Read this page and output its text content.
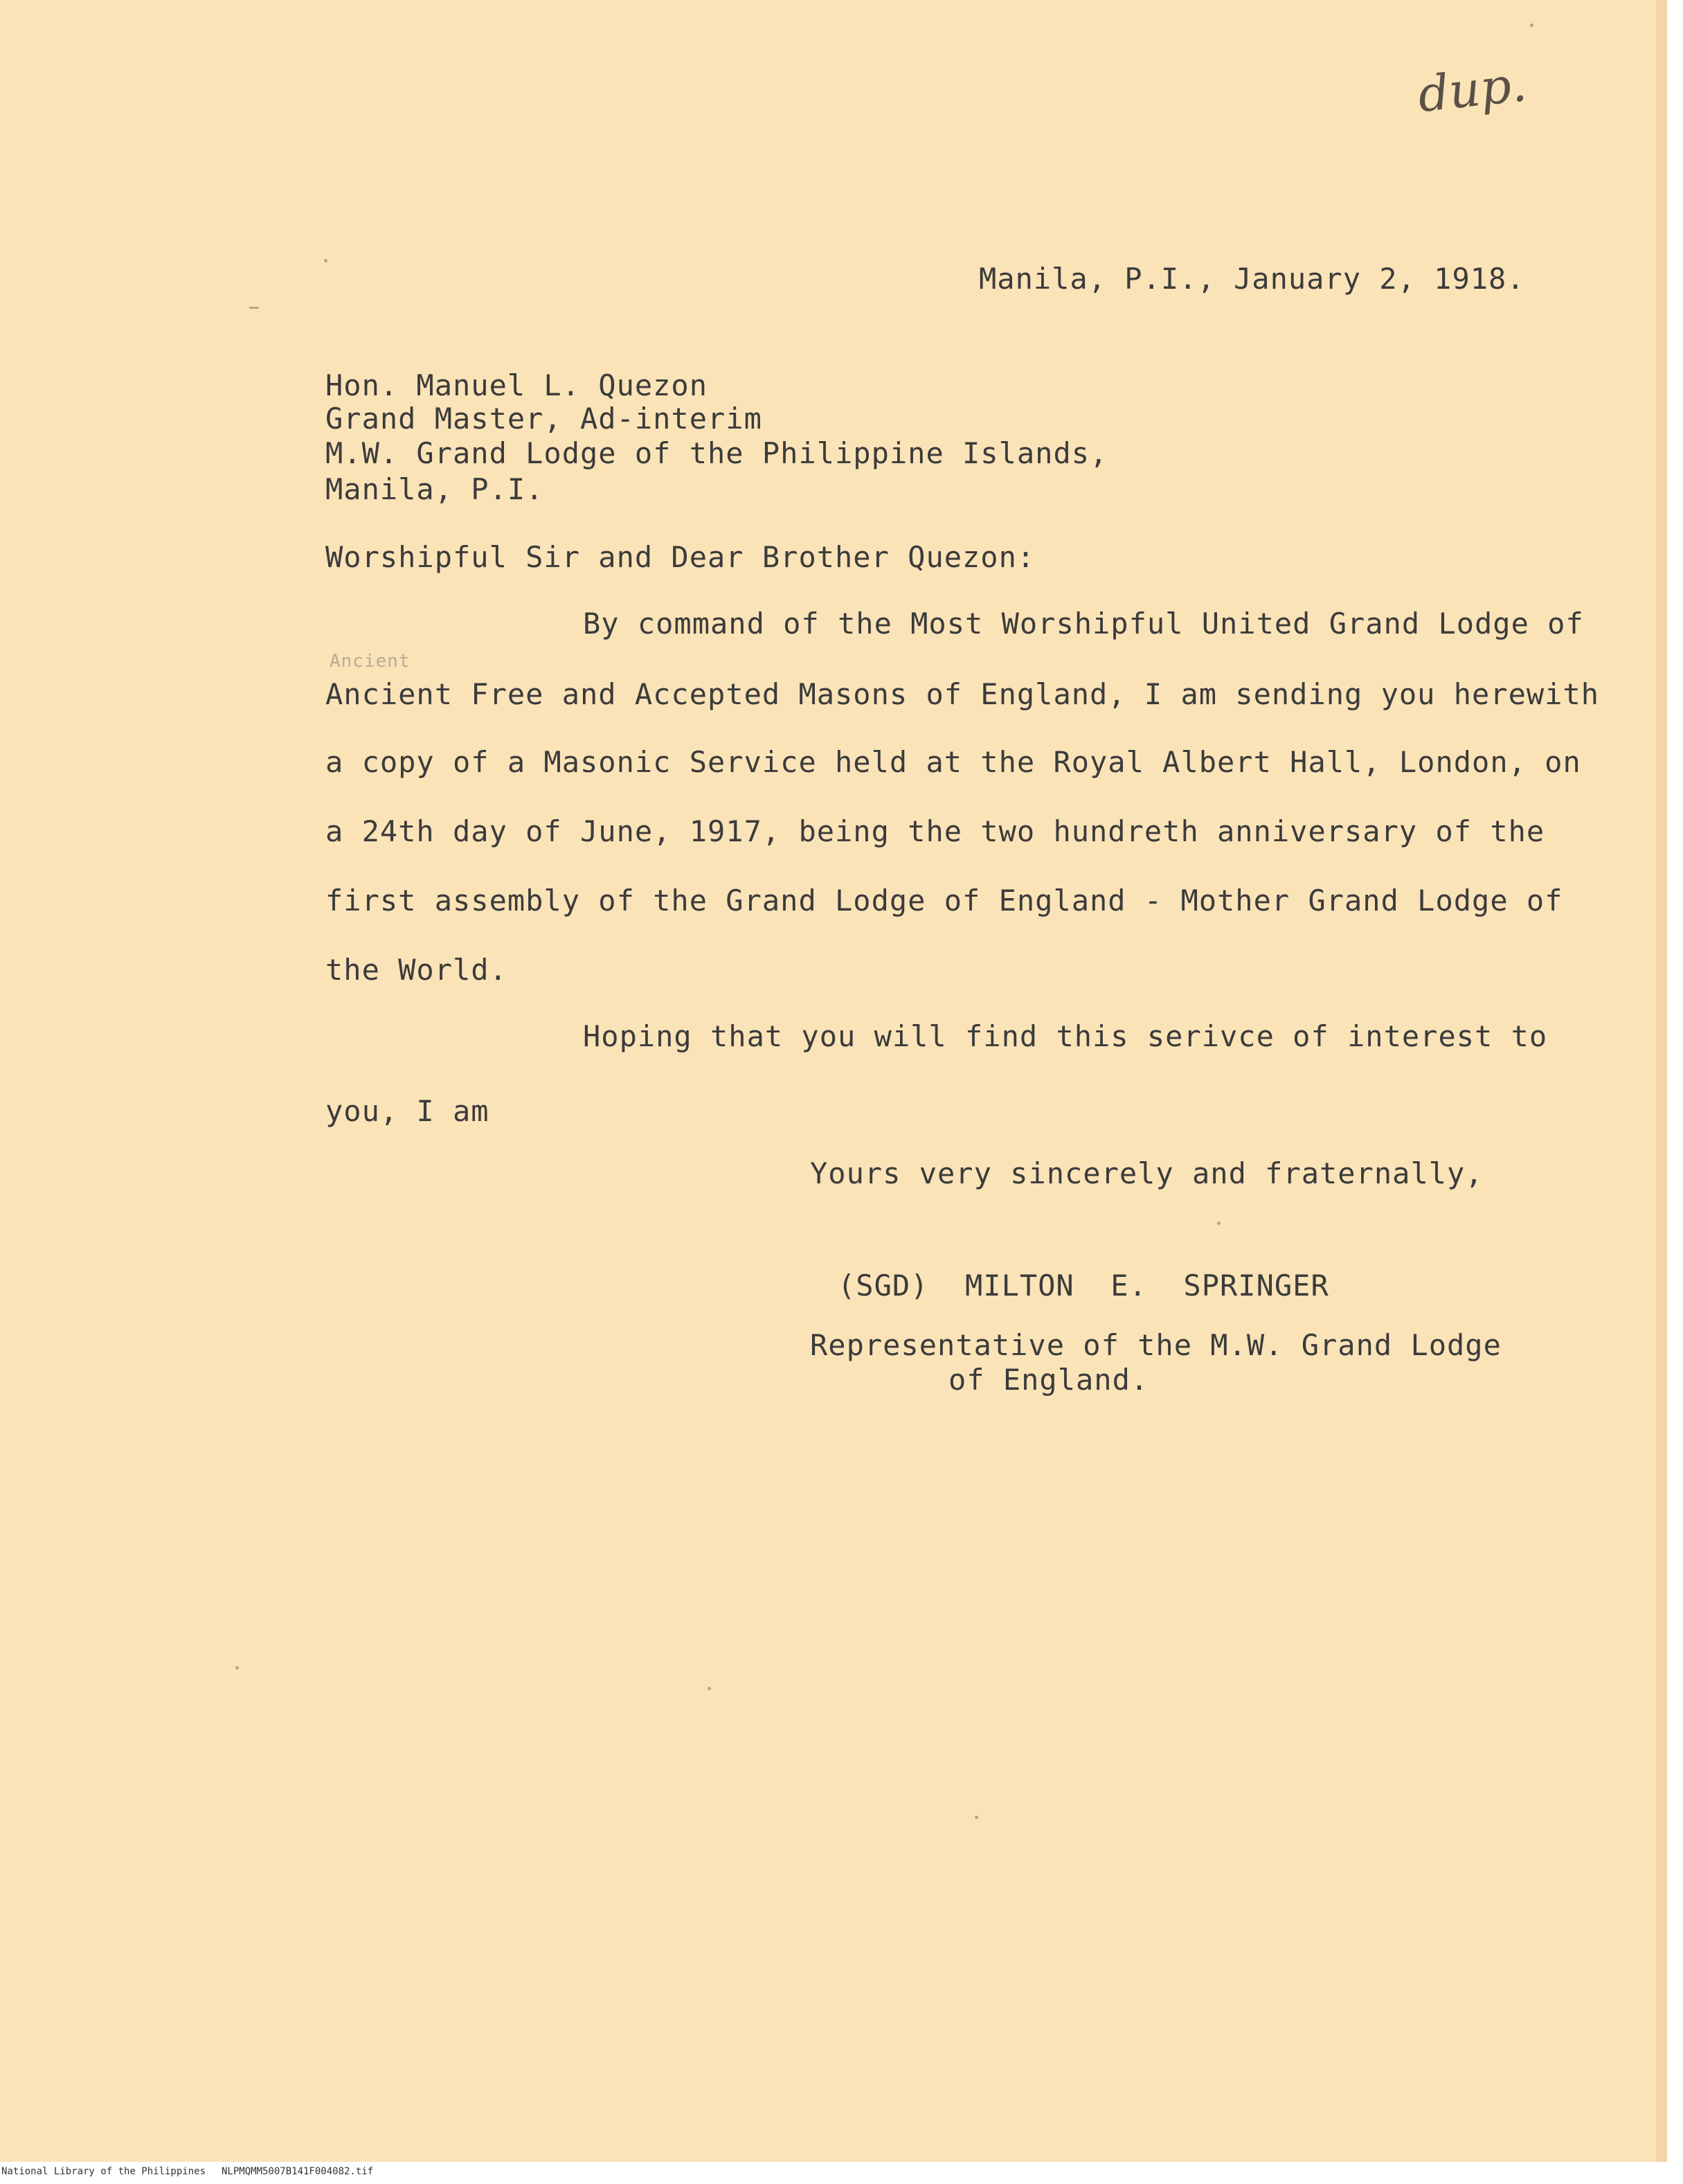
dup.
Manila, P.I., January 2, 1918.
Hon. Manuel L. Quezon
Grand Master, Ad-interim
M.W. Grand Lodge of the Philippine Islands,
Manila, P.I.
Worshipful Sir and Dear Brother Quezon:
By command of the Most Worshipful United Grand Lodge of
Ancient
Ancient Free and Accepted Masons of England, I am sending you herewith
a copy of a Masonic Service held at the Royal Albert Hall, London, on
a 24th day of June, 1917, being the two hundreth anniversary of the
first assembly of the Grand Lodge of England - Mother Grand Lodge of
the World.
Hoping that you will find this serivce of interest to
you, I am
Yours very sincerely and fraternally,
(SGD)  MILTON  E.  SPRINGER
Representative of the M.W. Grand Lodge
of England.
National Library of the Philippines NLPMQMM5007B141F004082.tif
